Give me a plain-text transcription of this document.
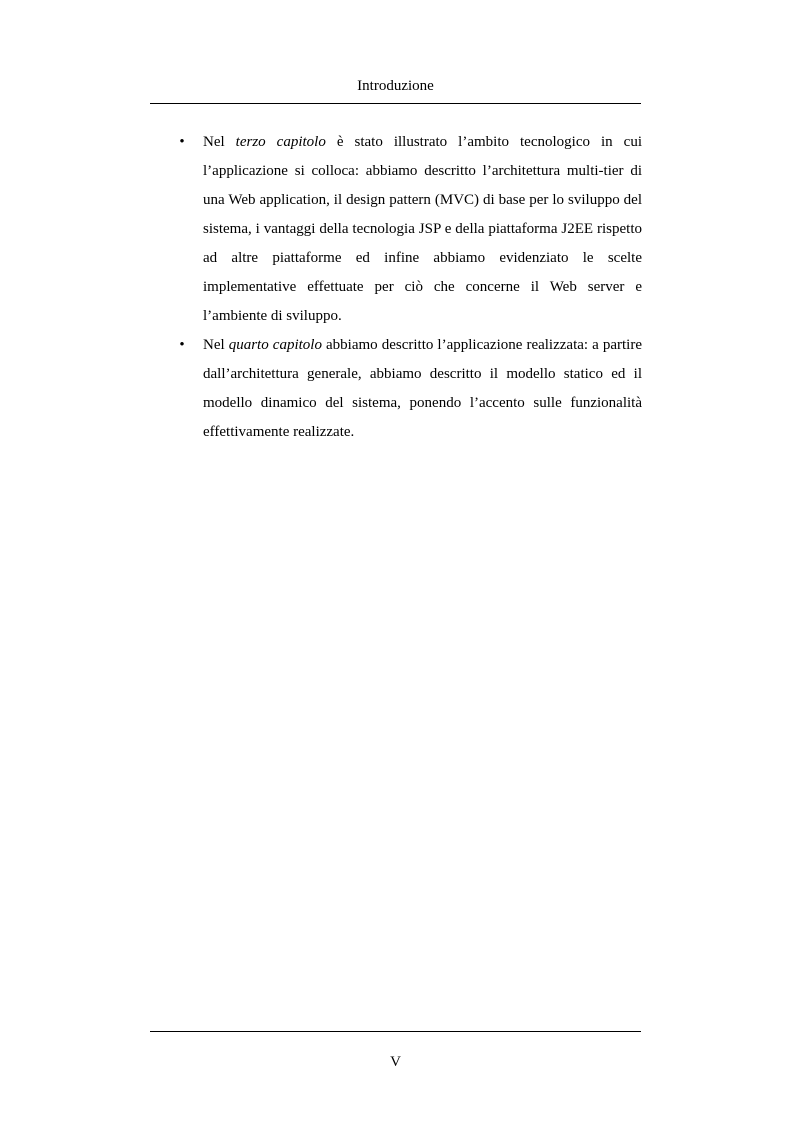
Introduzione
• Nel terzo capitolo è stato illustrato l’ambito tecnologico in cui l’applicazione si colloca: abbiamo descritto l’architettura multi-tier di una Web application, il design pattern (MVC) di base per lo sviluppo del sistema, i vantaggi della tecnologia JSP e della piattaforma J2EE rispetto ad altre piattaforme ed infine abbiamo evidenziato le scelte implementative effettuate per ciò che concerne il Web server e l’ambiente di sviluppo.

• Nel quarto capitolo abbiamo descritto l’applicazione realizzata: a partire dall’architettura generale, abbiamo descritto il modello statico ed il modello dinamico del sistema, ponendo l’accento sulle funzionalità effettivamente realizzate.

V
